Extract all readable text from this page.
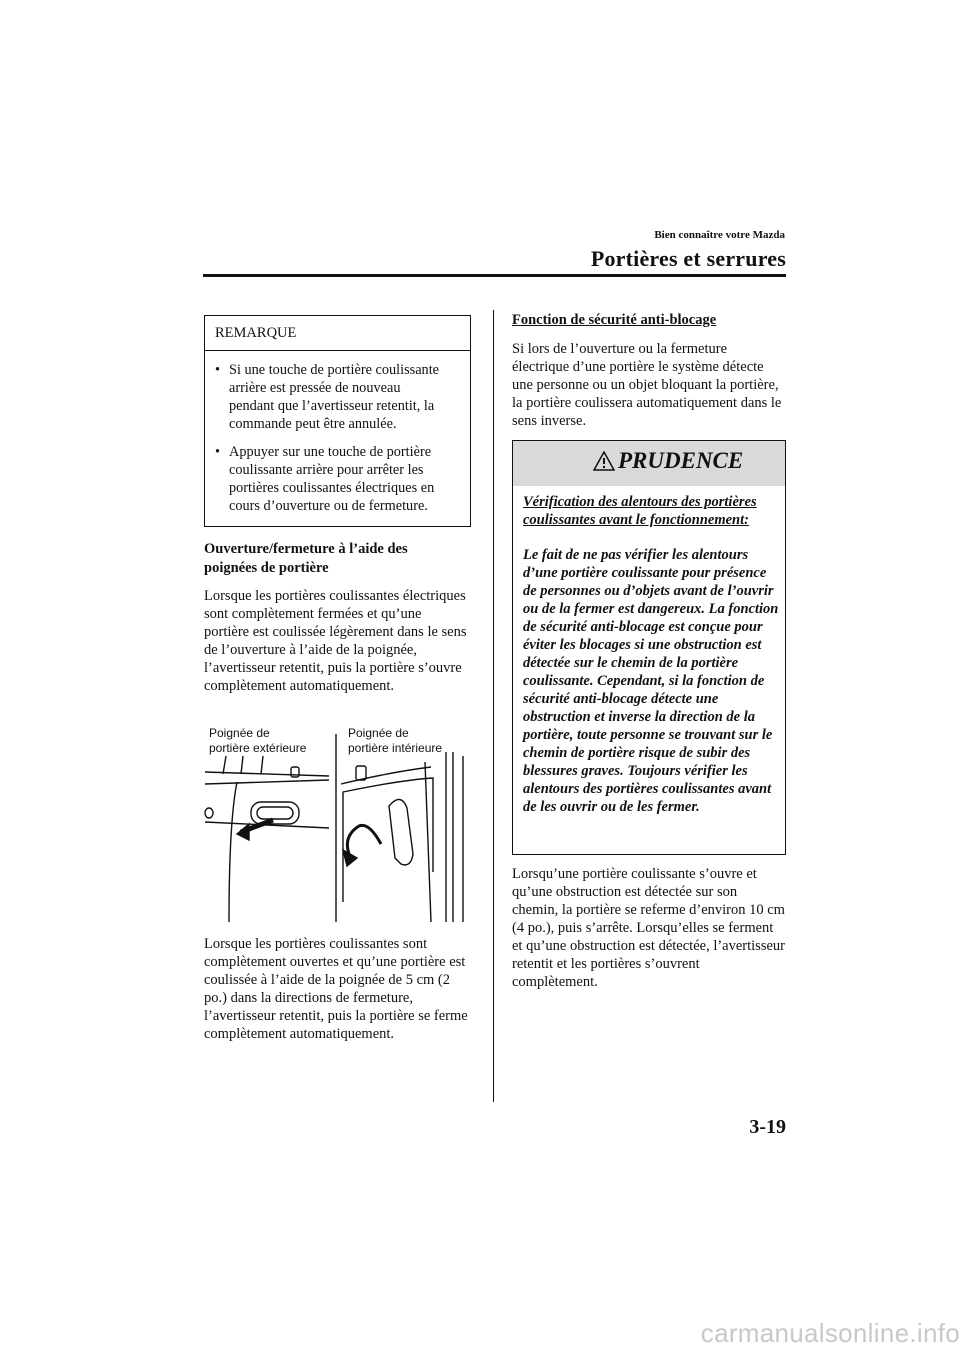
Bien connaître votre Mazda
Portières et serrures
REMARQUE
• Si une touche de portière coulissante arrière est pressée de nouveau pendant que l’avertisseur retentit, la commande peut être annulée.
• Appuyer sur une touche de portière coulissante arrière pour arrêter les portières coulissantes électriques en cours d’ouverture ou de fermeture.
Ouverture/fermeture à l’aide des poignées de portière
Lorsque les portières coulissantes électriques sont complètement fermées et qu’une portière est coulissée légèrement dans le sens de l’ouverture à l’aide de la poignée, l’avertisseur retentit, puis la portière s’ouvre complètement automatiquement.
Poignée de
portière extérieure
Poignée de
portière intérieure
Lorsque les portières coulissantes sont complètement ouvertes et qu’une portière est coulissée à l’aide de la poignée de 5 cm (2 po.) dans la directions de fermeture, l’avertisseur retentit, puis la portière se ferme complètement automatiquement.
Fonction de sécurité anti-blocage
Si lors de l’ouverture ou la fermeture électrique d’une portière le système détecte une personne ou un objet bloquant la portière, la portière coulissera automatiquement dans le sens inverse.
PRUDENCE
Vérification des alentours des portières coulissantes avant le fonctionnement:
Le fait de ne pas vérifier les alentours d’une portière coulissante pour présence de personnes ou d’objets avant de l’ouvrir ou de la fermer est dangereux. La fonction de sécurité anti-blocage est conçue pour éviter les blocages si une obstruction est détectée sur le chemin de la portière coulissante. Cependant, si la fonction de sécurité anti-blocage détecte une obstruction et inverse la direction de la portière, toute personne se trouvant sur le chemin de portière risque de subir des blessures graves. Toujours vérifier les alentours des portières coulissantes avant de les ouvrir ou de les fermer.
Lorsqu’une portière coulissante s’ouvre et qu’une obstruction est détectée sur son chemin, la portière se referme d’environ 10 cm (4 po.), puis s’arrête. Lorsqu’elles se ferment et qu’une obstruction est détectée, l’avertisseur retentit et les portières s’ouvrent complètement.
3-19
carmanualsonline.info
